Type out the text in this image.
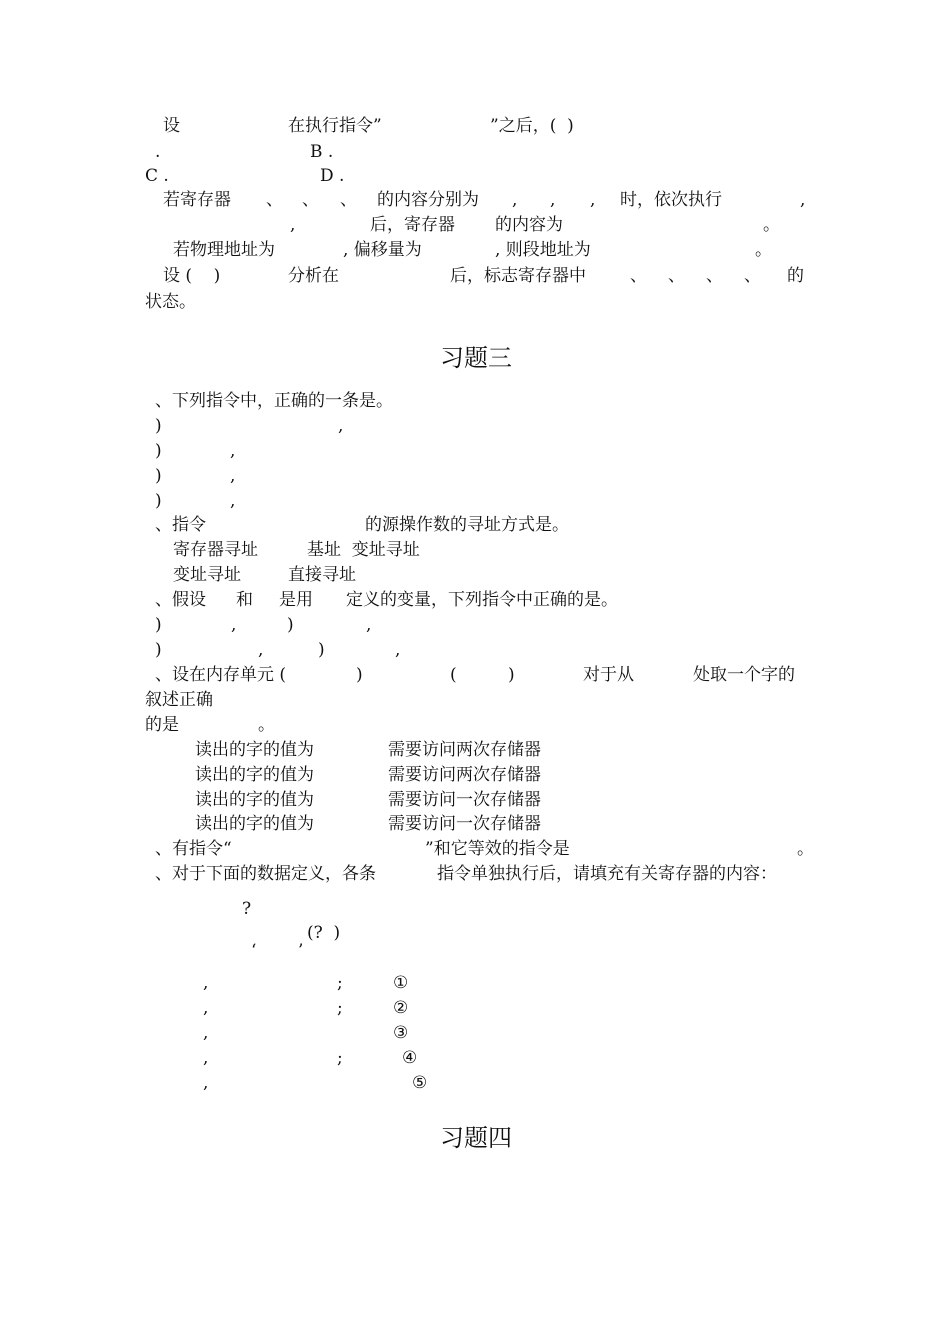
设	在执行指令”	”之后，(  )
.	B .
C .	D .
若寄存器 、 、 、 的内容分别为 , , , 时，依次执行	,
,	后，寄存器 的内容为	。
若物理地址为	, 偏移量为	, 则段地址为	。
设 (    )	分析在	后，标志寄存器中	、 、 、 、 的
状态。
习题三
、下列指令中，正确的一条是。
)	,
)	,
)	,
)	,
、指令	的源操作数的寻址方式是。
寄存器寻址	基址  变址寻址
变址寻址	直接寻址
、假设 和 是用 定义的变量，下列指令中正确的是。
)	,	)	,
)	,	)	,
、设在内存单元 (	)	(	)	对于从	处取一个字的
叙述正确
的是	。
读出的字的值为	需要访问两次存储器
读出的字的值为	需要访问两次存储器
读出的字的值为	需要访问一次存储器
读出的字的值为	需要访问一次存储器
、有指令“	”和它等效的指令是	。
、对于下面的数据定义，各条	指令单独执行后，请填充有关寄存器的内容：
?
(?  )
‘ ’
,	;	①
,	;	②
,	③
,	;	④
,	⑤
习题四
